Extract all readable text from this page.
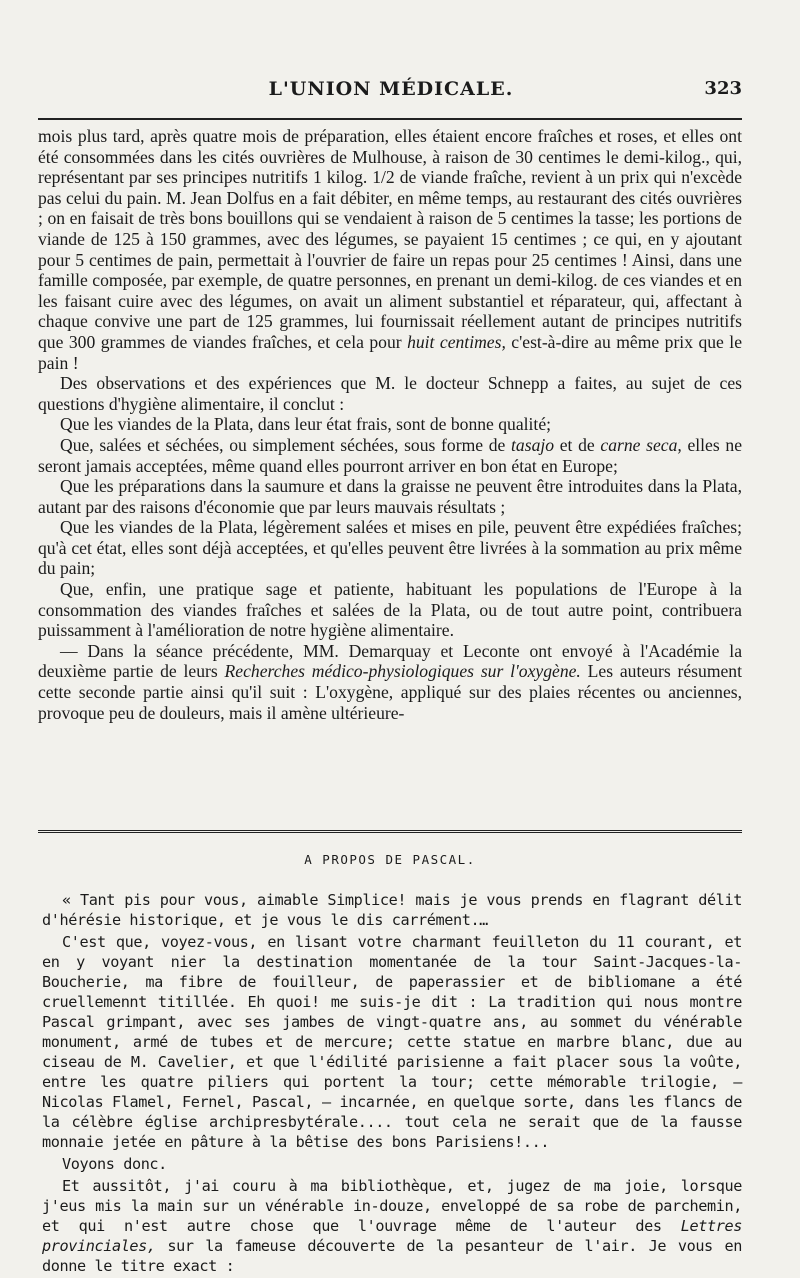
L'UNION MÉDICALE.	323

mois plus tard, après quatre mois de préparation, elles étaient encore fraîches et roses, et elles ont été consommées dans les cités ouvrières de Mulhouse, à raison de 30 centimes le demi-kilog., qui, représentant par ses principes nutritifs 1 kilog. 1/2 de viande fraîche, revient à un prix qui n'excède pas celui du pain. M. Jean Dolfus en a fait débiter, en même temps, au restaurant des cités ouvrières ; on en faisait de très bons bouillons qui se vendaient à raison de 5 centimes la tasse; les portions de viande de 125 à 150 grammes, avec des légumes, se payaient 15 centimes ; ce qui, en y ajoutant pour 5 centimes de pain, permettait à l'ouvrier de faire un repas pour 25 centimes ! Ainsi, dans une famille composée, par exemple, de quatre personnes, en prenant un demi-kilog. de ces viandes et en les faisant cuire avec des légumes, on avait un aliment substantiel et réparateur, qui, affectant à chaque convive une part de 125 grammes, lui fournissait réellement autant de principes nutritifs que 300 grammes de viandes fraîches, et cela pour huit centimes, c'est-à-dire au même prix que le pain !

Des observations et des expériences que M. le docteur Schnepp a faites, au sujet de ces questions d'hygiène alimentaire, il conclut :

Que les viandes de la Plata, dans leur état frais, sont de bonne qualité;

Que, salées et séchées, ou simplement séchées, sous forme de tasajo et de carne seca, elles ne seront jamais acceptées, même quand elles pourront arriver en bon état en Europe;

Que les préparations dans la saumure et dans la graisse ne peuvent être introduites dans la Plata, autant par des raisons d'économie que par leurs mauvais résultats ;

Que les viandes de la Plata, légèrement salées et mises en pile, peuvent être expédiées fraîches; qu'à cet état, elles sont déjà acceptées, et qu'elles peuvent être livrées à la sommation au prix même du pain;

Que, enfin, une pratique sage et patiente, habituant les populations de l'Europe à la consommation des viandes fraîches et salées de la Plata, ou de tout autre point, contribuera puissamment à l'amélioration de notre hygiène alimentaire.

— Dans la séance précédente, MM. Demarquay et Leconte ont envoyé à l'Académie la deuxième partie de leurs Recherches médico-physiologiques sur l'oxygène. Les auteurs résument cette seconde partie ainsi qu'il suit : L'oxygène, appliqué sur des plaies récentes ou anciennes, provoque peu de douleurs, mais il amène ultérieure-

A PROPOS DE PASCAL.

« Tant pis pour vous, aimable Simplice! mais je vous prends en flagrant délit d'hérésie historique, et je vous le dis carrément.…

C'est que, voyez-vous, en lisant votre charmant feuilleton du 11 courant, et en y voyant nier la destination momentanée de la tour Saint-Jacques-la-Boucherie, ma fibre de fouilleur, de paperassier et de bibliomane a été cruellemennt titillée. Eh quoi! me suis-je dit : La tradition qui nous montre Pascal grimpant, avec ses jambes de vingt-quatre ans, au sommet du vénérable monument, armé de tubes et de mercure; cette statue en marbre blanc, due au ciseau de M. Cavelier, et que l'édilité parisienne a fait placer sous la voûte, entre les quatre piliers qui portent la tour; cette mémorable trilogie, — Nicolas Flamel, Fernel, Pascal, — incarnée, en quelque sorte, dans les flancs de la célèbre église archipresbytérale.... tout cela ne serait que de la fausse monnaie jetée en pâture à la bêtise des bons Parisiens!...

Voyons donc.

Et aussitôt, j'ai couru à ma bibliothèque, et, jugez de ma joie, lorsque j'eus mis la main sur un vénérable in-douze, enveloppé de sa robe de parchemin, et qui n'est autre chose que l'ouvrage même de l'auteur des Lettres provinciales, sur la fameuse découverte de la pesanteur de l'air. Je vous en donne le titre exact :
